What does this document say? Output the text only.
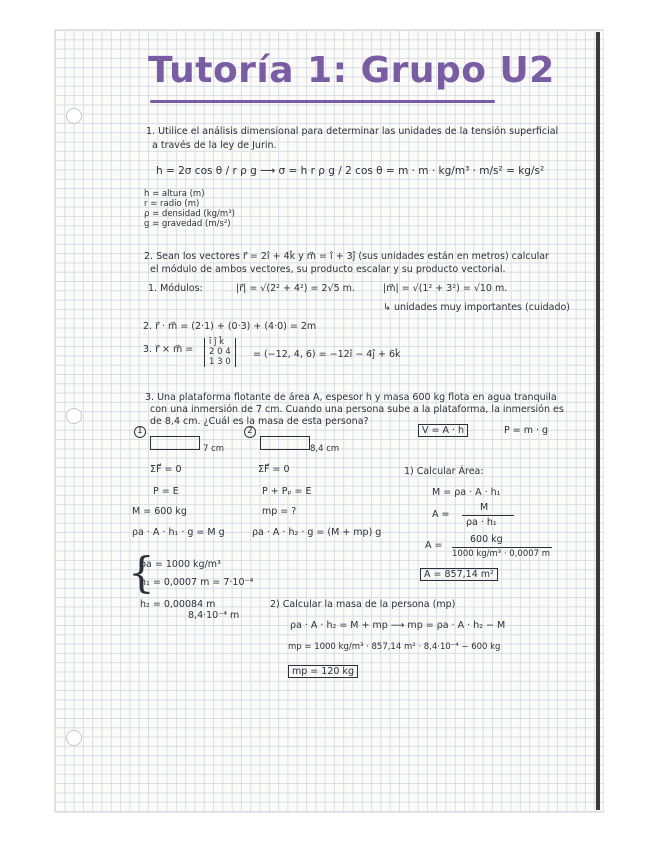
Tutoría 1: Grupo U2
1. Utilice el análisis dimensional para determinar las unidades de la tensión superficial
a través de la ley de Jurin.
h = 2σ cos θ / r ρ g ⟶ σ = h r ρ g / 2 cos θ = m · m · kg/m³ · m/s² = kg/s²
h = altura (m)
r = radio (m)
ρ = densidad (kg/m³)
g = gravedad (m/s²)
2. Sean los vectores r⃗ = 2î + 4k̂ y m⃗ = î + 3ĵ (sus unidades están en metros) calcular
el módulo de ambos vectores, su producto escalar y su producto vectorial.
1. Módulos:	|r⃗| = √(2² + 4²) = 2√5 m.	|m⃗| = √(1² + 3²) = √10 m.
↳ unidades muy importantes (cuidado)
2. r⃗ · m⃗ = (2·1) + (0·3) + (4·0) = 2m
3. r⃗ × m⃗ =
î ĵ k̂
2 0 4
1 3 0
= (−12, 4, 6) = −12î − 4ĵ + 6k̂
3. Una plataforma flotante de área A, espesor h y masa 600 kg flota en agua tranquila
con una inmersión de 7 cm. Cuando una persona sube a la plataforma, la inmersión es
de 8,4 cm. ¿Cuál es la masa de esta persona?
V = A · h	P = m · g
1
7 cm
2
8,4 cm
ΣF⃗ = 0	ΣF⃗ = 0
P = E	P + Pₚ = E
M = 600 kg	mp = ?
ρa · A · h₁ · g = M g	ρa · A · h₂ · g = (M + mp) g
{
ρa = 1000 kg/m³
h₁ = 0,0007 m = 7·10⁻⁴
h₂ = 0,00084 m
8,4·10⁻⁴ m
1) Calcular Área:
M = ρa · A · h₁
A =
M
ρa · h₁
A =
600 kg
1000 kg/m³ · 0,0007 m
A = 857,14 m²
2) Calcular la masa de la persona (mp)
ρa · A · h₂ = M + mp ⟶ mp = ρa · A · h₂ − M
mp = 1000 kg/m³ · 857,14 m² · 8,4·10⁻⁴ − 600 kg
mp = 120 kg
